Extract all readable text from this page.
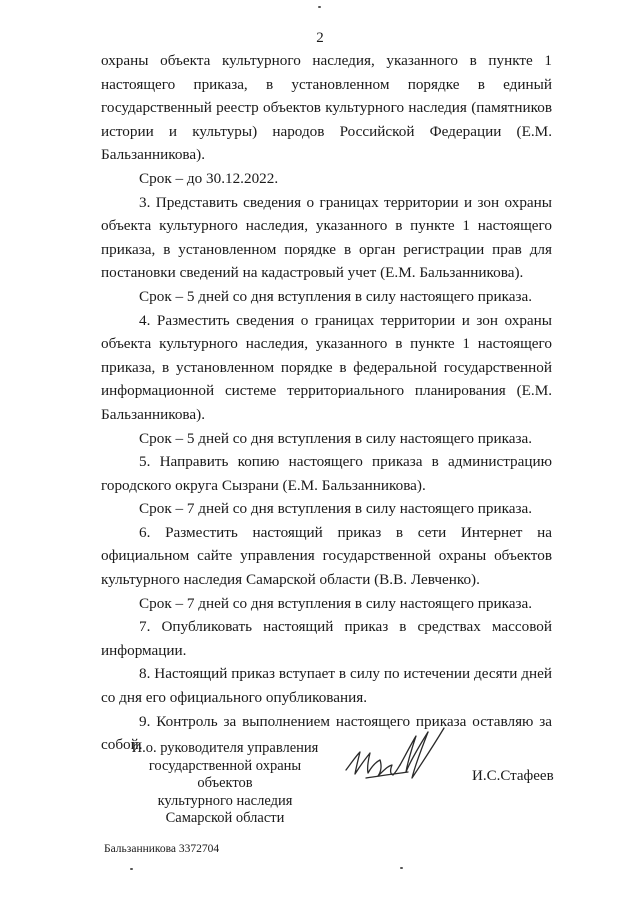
2

охраны объекта культурного наследия, указанного в пункте 1 настоящего приказа, в установленном порядке в единый государственный реестр объектов культурного наследия (памятников истории и культуры) народов Российской Федерации (Е.М. Бальзанникова).

Срок – до 30.12.2022.

3. Представить сведения о границах территории и зон охраны объекта культурного наследия, указанного в пункте 1 настоящего приказа, в установленном порядке в орган регистрации прав для постановки сведений на кадастровый учет (Е.М. Бальзанникова).

Срок – 5 дней со дня вступления в силу настоящего приказа.

4. Разместить сведения о границах территории и зон охраны объекта культурного наследия, указанного в пункте 1 настоящего приказа, в установленном порядке в федеральной государственной информационной системе территориального планирования (Е.М. Бальзанникова).

Срок – 5 дней со дня вступления в силу настоящего приказа.

5. Направить копию настоящего приказа в администрацию городского округа Сызрани (Е.М. Бальзанникова).

Срок – 7 дней со дня вступления в силу настоящего приказа.

6. Разместить настоящий приказ в сети Интернет на официальном сайте управления государственной охраны объектов культурного наследия Самарской области (В.В. Левченко).

Срок – 7 дней со дня вступления в силу настоящего приказа.

7. Опубликовать настоящий приказ в средствах массовой информации.

8. Настоящий приказ вступает в силу по истечении десяти дней со дня его официального опубликования.

9. Контроль за выполнением настоящего приказа оставляю за собой.

И.о. руководителя управления
государственной охраны объектов
культурного наследия
Самарской области
И.С.Стафеев
Бальзанникова 3372704
